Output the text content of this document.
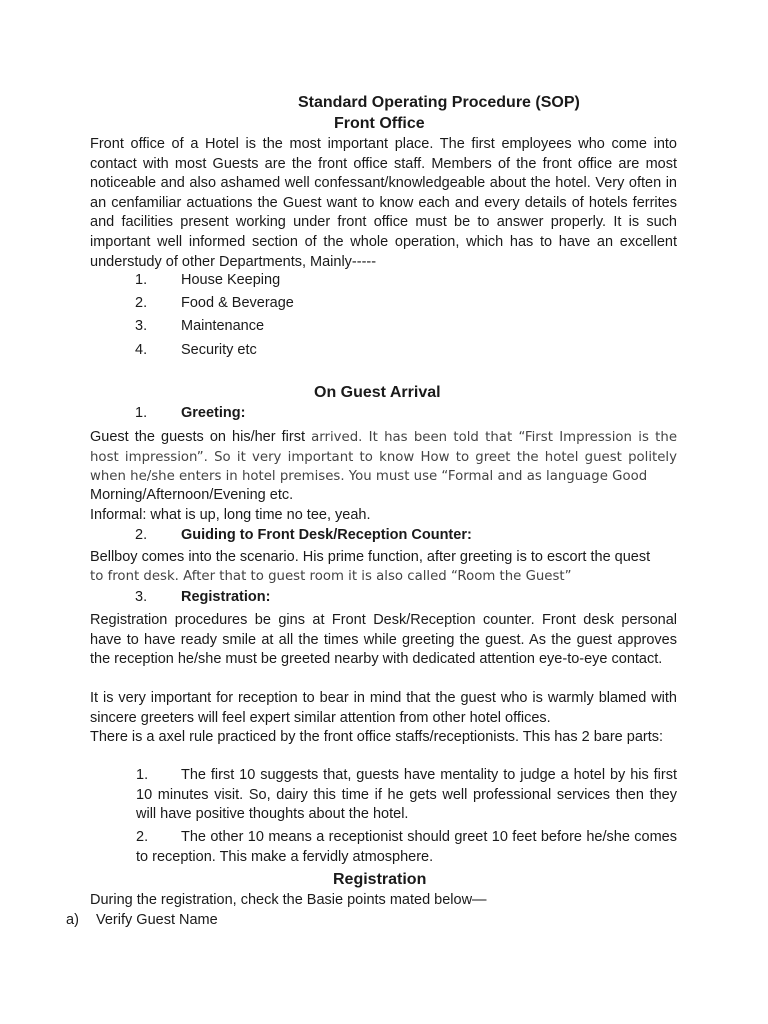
Standard Operating Procedure (SOP)
Front Office
Front office of a Hotel is the most important place. The first employees who come into contact with most Guests are the front office staff. Members of the front office are most noticeable and also ashamed well confessant/knowledgeable about the hotel. Very often in an cenfamiliar actuations the Guest want to know each and every details of hotels ferrites and facilities present working under front office must be to answer properly. It is such important well informed section of the whole operation, which has to have an excellent understudy of other Departments, Mainly-----
1. House Keeping
2. Food & Beverage
3. Maintenance
4. Security etc
On Guest Arrival
1. Greeting:
Guest the guests on his/her first arrived. It has been told that “First Impression is the host impression”. So it very important to know How to greet the hotel guest politely when he/she enters in hotel premises. You must use “Formal and as language Good
Morning/Afternoon/Evening etc.
Informal: what is up, long time no tee, yeah.
2. Guiding to Front Desk/Reception Counter:
Bellboy comes into the scenario. His prime function, after greeting is to escort the quest
to front desk. After that to guest room it is also called “Room the Guest”
3. Registration:
Registration procedures be gins at Front Desk/Reception counter. Front desk personal have to have ready smile at all the times while greeting the guest. As the guest approves the reception he/she must be greeted nearby with dedicated attention eye-to-eye contact.
It is very important for reception to bear in mind that the guest who is warmly blamed with sincere greeters will feel expert similar attention from other hotel offices.
There is a axel rule practiced by the front office staffs/receptionists. This has 2 bare parts:
1. The first 10 suggests that, guests have mentality to judge a hotel by his first 10 minutes visit. So, dairy this time if he gets well professional services then they will have positive thoughts about the hotel.
2. The other 10 means a receptionist should greet 10 feet before he/she comes to reception. This make a fervidly atmosphere.
Registration
During the registration, check the Basie points mated below—
a) Verify Guest Name
